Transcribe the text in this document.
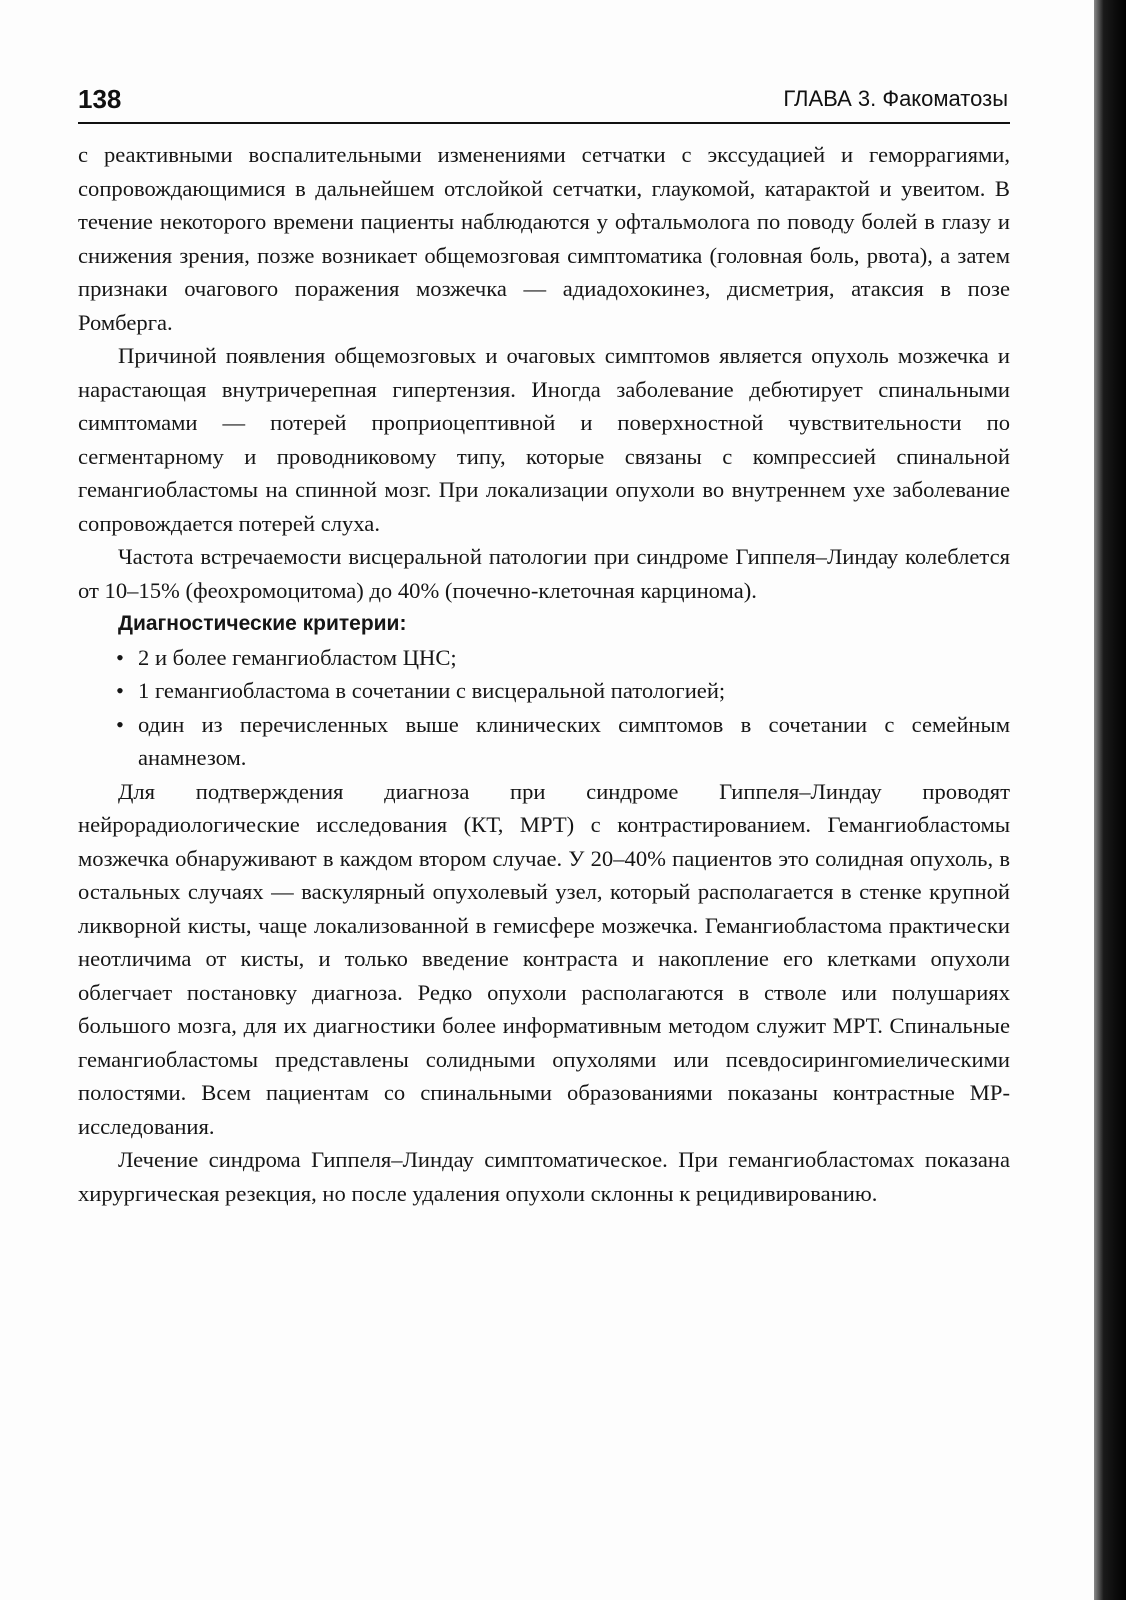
138	ГЛАВА 3. Факоматозы

с реактивными воспалительными изменениями сетчатки с экссудацией и геморрагиями, сопровождающимися в дальнейшем отслойкой сетчатки, глаукомой, катарактой и увеитом. В течение некоторого времени пациенты наблюдаются у офтальмолога по поводу болей в глазу и снижения зрения, позже возникает общемозговая симптоматика (головная боль, рвота), а затем признаки очагового поражения мозжечка — адиадохокинез, дисметрия, атаксия в позе Ромберга.

Причиной появления общемозговых и очаговых симптомов является опухоль мозжечка и нарастающая внутричерепная гипертензия. Иногда заболевание дебютирует спинальными симптомами — потерей проприоцептивной и поверхностной чувствительности по сегментарному и проводниковому типу, которые связаны с компрессией спинальной гемангиобластомы на спинной мозг. При локализации опухоли во внутреннем ухе заболевание сопровождается потерей слуха.

Частота встречаемости висцеральной патологии при синдроме Гиппеля–Линдау колеблется от 10–15% (феохромоцитома) до 40% (почечно-клеточная карцинома).

Диагностические критерии:

• 2 и более гемангиобластом ЦНС;
• 1 гемангиобластома в сочетании с висцеральной патологией;
• один из перечисленных выше клинических симптомов в сочетании с семейным анамнезом.

Для подтверждения диагноза при синдроме Гиппеля–Линдау проводят нейрорадиологические исследования (КТ, МРТ) с контрастированием. Гемангиобластомы мозжечка обнаруживают в каждом втором случае. У 20–40% пациентов это солидная опухоль, в остальных случаях — васкулярный опухолевый узел, который располагается в стенке крупной ликворной кисты, чаще локализованной в гемисфере мозжечка. Гемангиобластома практически неотличима от кисты, и только введение контраста и накопление его клетками опухоли облегчает постановку диагноза. Редко опухоли располагаются в стволе или полушариях большого мозга, для их диагностики более информативным методом служит МРТ. Спинальные гемангиобластомы представлены солидными опухолями или псевдосирингомиелическими полостями. Всем пациентам со спинальными образованиями показаны контрастные МР-исследования.

Лечение синдрома Гиппеля–Линдау симптоматическое. При гемангиобластомах показана хирургическая резекция, но после удаления опухоли склонны к рецидивированию.
